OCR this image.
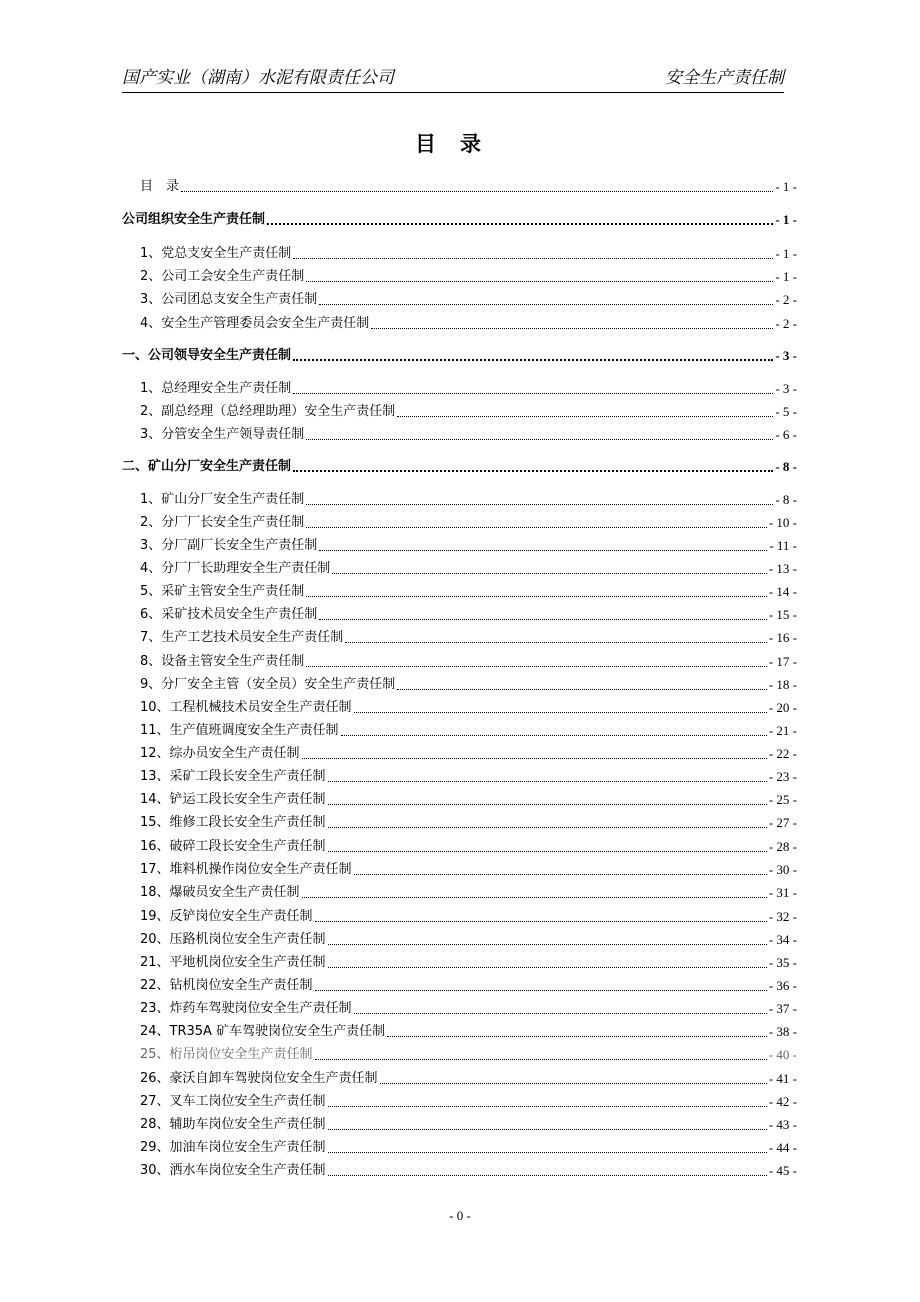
国产实业（湖南）水泥有限责任公司	安全生产责任制
目录
目　录	- 1 -
公司组织安全生产责任制	- 1 -
1、党总支安全生产责任制	- 1 -
2、公司工会安全生产责任制	- 1 -
3、公司团总支安全生产责任制	- 2 -
4、安全生产管理委员会安全生产责任制	- 2 -
一、公司领导安全生产责任制	- 3 -
1、总经理安全生产责任制	- 3 -
2、副总经理（总经理助理）安全生产责任制	- 5 -
3、分管安全生产领导责任制	- 6 -
二、矿山分厂安全生产责任制	- 8 -
1、矿山分厂安全生产责任制	- 8 -
2、分厂厂长安全生产责任制	- 10 -
3、分厂副厂长安全生产责任制	- 11 -
4、分厂厂长助理安全生产责任制	- 13 -
5、采矿主管安全生产责任制	- 14 -
6、采矿技术员安全生产责任制	- 15 -
7、生产工艺技术员安全生产责任制	- 16 -
8、设备主管安全生产责任制	- 17 -
9、分厂安全主管（安全员）安全生产责任制	- 18 -
10、工程机械技术员安全生产责任制	- 20 -
11、生产值班调度安全生产责任制	- 21 -
12、综办员安全生产责任制	- 22 -
13、采矿工段长安全生产责任制	- 23 -
14、铲运工段长安全生产责任制	- 25 -
15、维修工段长安全生产责任制	- 27 -
16、破碎工段长安全生产责任制	- 28 -
17、堆料机操作岗位安全生产责任制	- 30 -
18、爆破员安全生产责任制	- 31 -
19、反铲岗位安全生产责任制	- 32 -
20、压路机岗位安全生产责任制	- 34 -
21、平地机岗位安全生产责任制	- 35 -
22、钻机岗位安全生产责任制	- 36 -
23、炸药车驾驶岗位安全生产责任制	- 37 -
24、TR35A 矿车驾驶岗位安全生产责任制	- 38 -
25、桁吊岗位安全生产责任制	- 40 -
26、豪沃自卸车驾驶岗位安全生产责任制	- 41 -
27、叉车工岗位安全生产责任制	- 42 -
28、辅助车岗位安全生产责任制	- 43 -
29、加油车岗位安全生产责任制	- 44 -
30、洒水车岗位安全生产责任制	- 45 -
- 0 -
